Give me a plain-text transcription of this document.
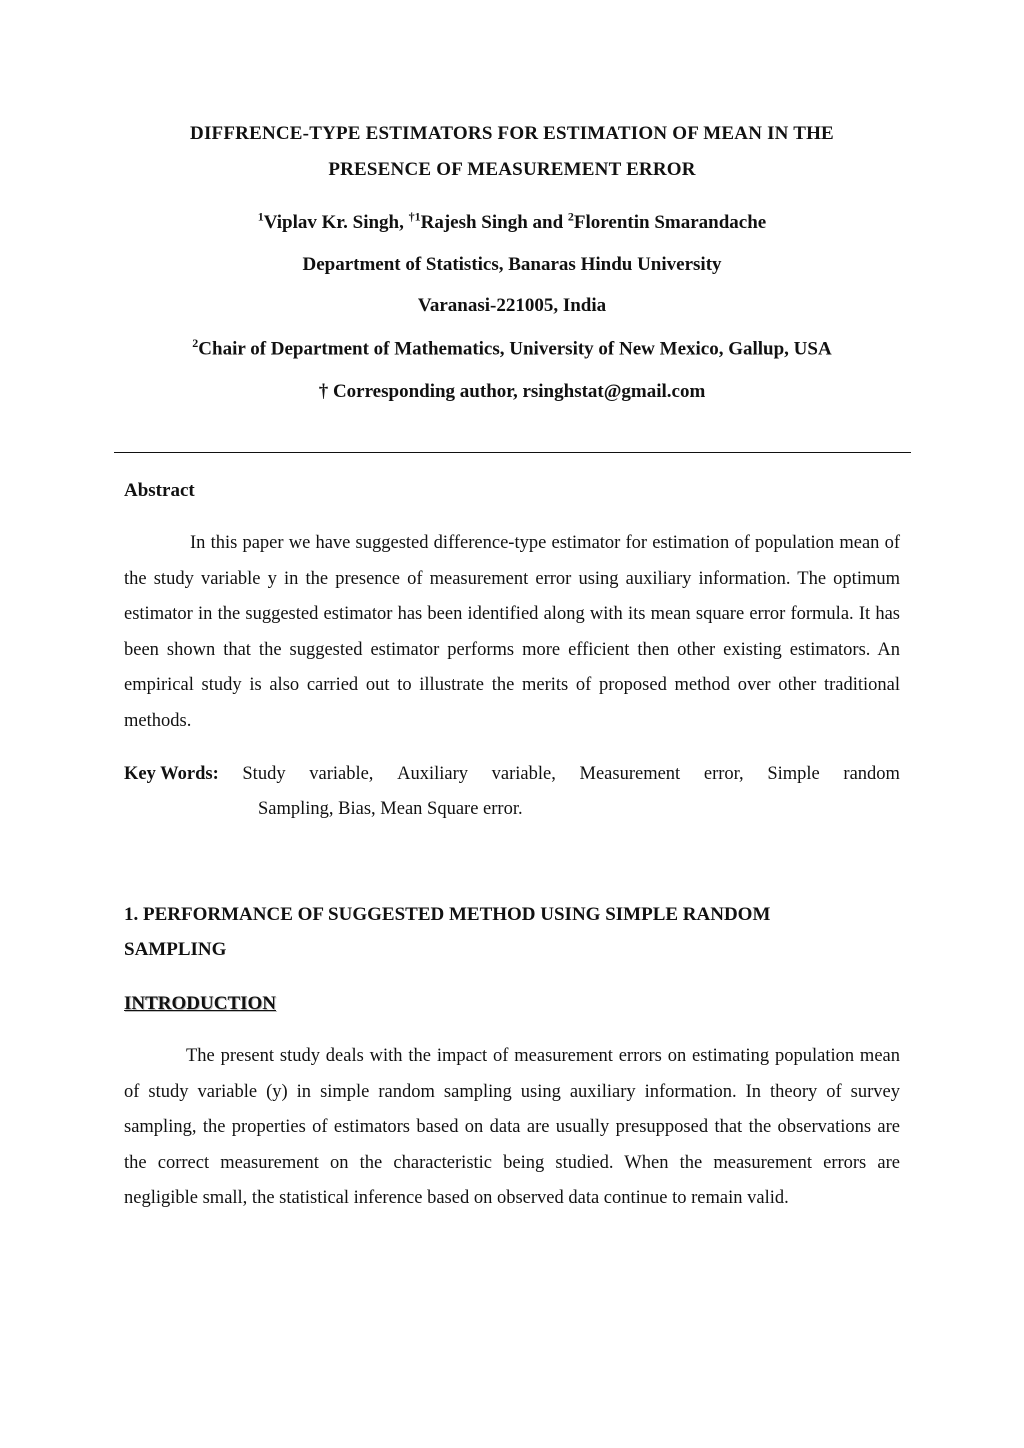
DIFFRENCE-TYPE ESTIMATORS FOR ESTIMATION OF MEAN IN THE
PRESENCE OF MEASUREMENT ERROR
$^1$Viplav Kr. Singh, $^{\dagger 1}$Rajesh Singh and $^2$Florentin Smarandache
Department of Statistics, Banaras Hindu University
Varanasi-221005, India
$^2$Chair of Department of Mathematics, University of New Mexico, Gallup, USA
† Corresponding author, rsinghstat@gmail.com
Abstract
In this paper we have suggested difference-type estimator for estimation of population mean of the study variable y in the presence of measurement error using auxiliary information. The optimum estimator in the suggested estimator has been identified along with its mean square error formula. It has been shown that the suggested estimator performs more efficient then other existing estimators. An empirical study is also carried out to illustrate the merits of proposed method over other traditional methods.
Key Words: Study variable, Auxiliary variable, Measurement error, Simple random
Sampling, Bias, Mean Square error.
1. PERFORMANCE OF SUGGESTED METHOD USING SIMPLE RANDOM
SAMPLING
INTRODUCTION
The present study deals with the impact of measurement errors on estimating population mean of study variable (y) in simple random sampling using auxiliary information. In theory of survey sampling, the properties of estimators based on data are usually presupposed that the observations are the correct measurement on the characteristic being studied. When the measurement errors are negligible small, the statistical inference based on observed data continue to remain valid.
